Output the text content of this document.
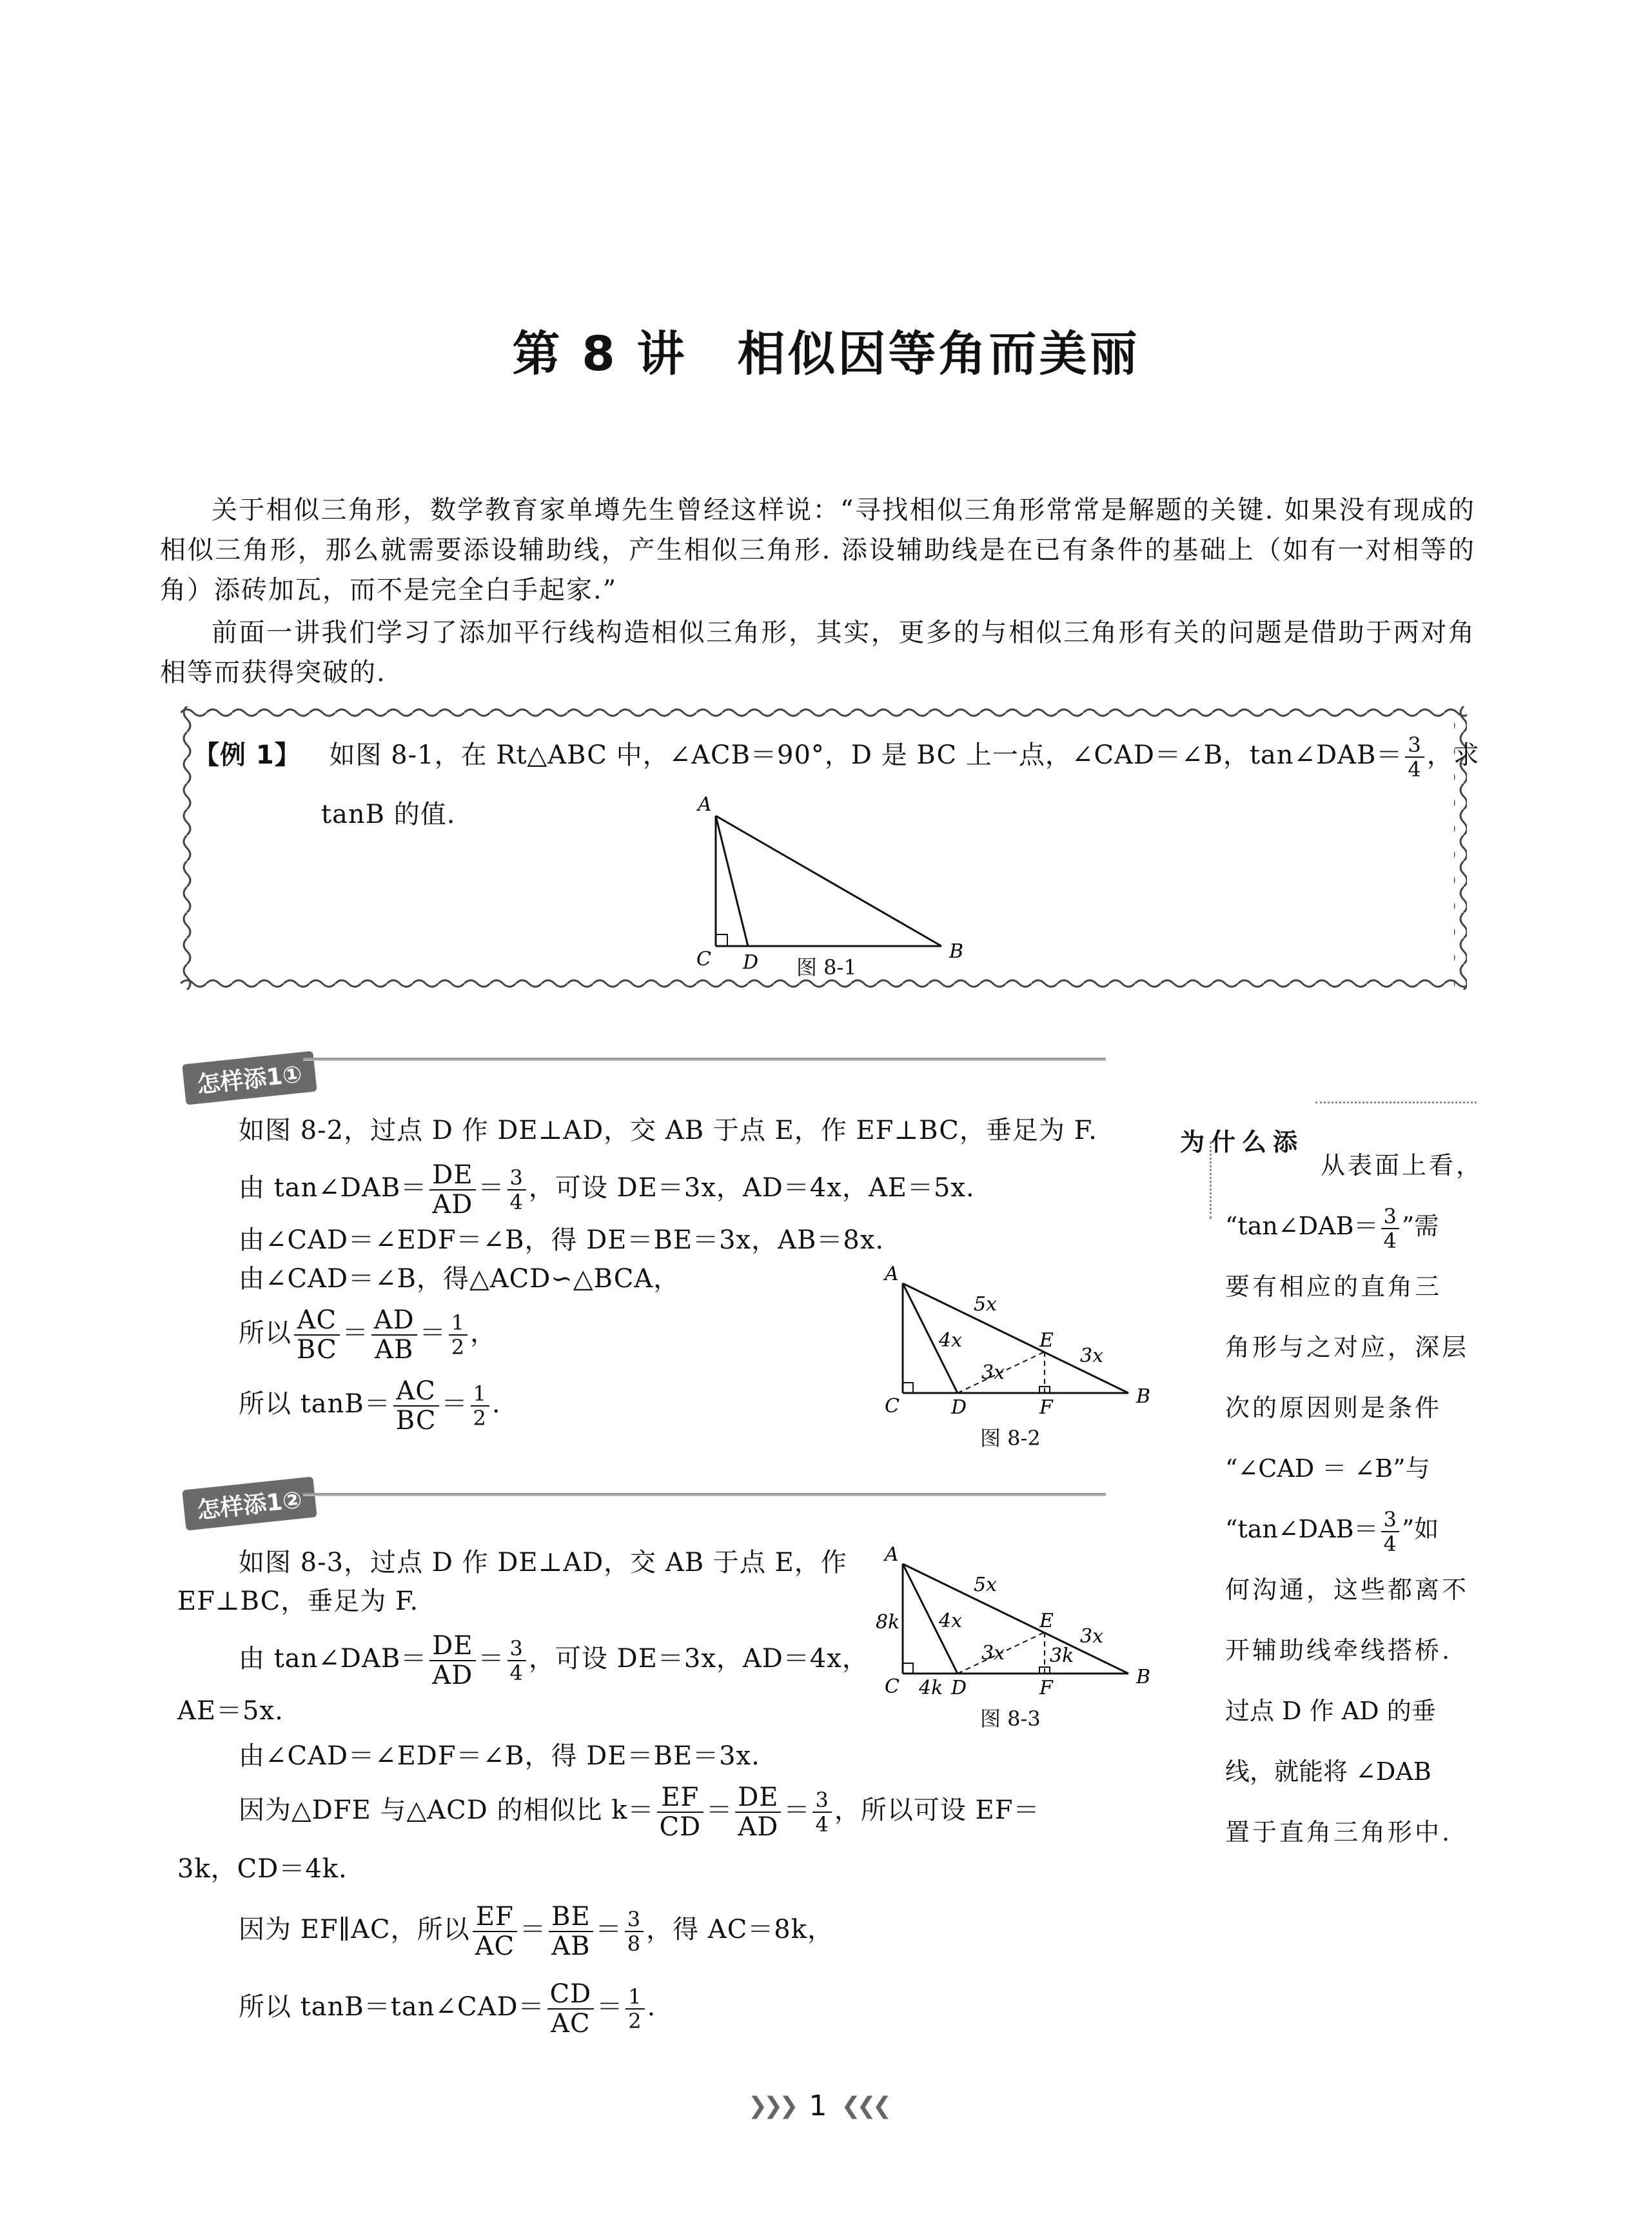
第 8 讲　相似因等角而美丽
关于相似三角形，数学教育家单墫先生曾经这样说：“寻找相似三角形常常是解题的关键. 如果没有现成的相似三角形，那么就需要添设辅助线，产生相似三角形. 添设辅助线是在已有条件的基础上（如有一对相等的角）添砖加瓦，而不是完全白手起家.”
前面一讲我们学习了添加平行线构造相似三角形，其实，更多的与相似三角形有关的问题是借助于两对角相等而获得突破的.
【例 1】 如图 8-1，在 Rt△ABC 中，∠ACB＝90°，D 是 BC 上一点，∠CAD＝∠B，tan∠DAB＝ $\frac{3}{4}$ ，求
tanB 的值.	A
C D	B
图 8-1
怎样添1①
为什么添
如图 8-2，过点 D 作 DE⊥AD，交 AB 于点 E，作 EF⊥BC，垂足为 F.
由 tan∠DAB＝ $\frac{DE}{AD} = \frac{3}{4}$ ，可设 DE＝3x，AD＝4x，AE＝5x.
由∠CAD＝∠EDF＝∠B，得 DE＝BE＝3x，AB＝8x.
由∠CAD＝∠B，得△ACD∽△BCA，
所以 $\frac{AC}{BC} = \frac{AD}{AB} = \frac{1}{2}$ ，
所以 $\tan B= \frac{AC}{BC} = \frac{1}{2}$ .
A
C	D	F	B
E
5x
4x
3x
3x
图 8-2
怎样添1②
如图 8-3，过点 D 作 DE⊥AD，交 AB 于点 E，作
EF⊥BC，垂足为 F.
由 tan∠DAB＝ $\frac{DE}{AD} = \frac{3}{4}$ ，可设 DE＝3x，AD＝4x，
AE＝5x.
由∠CAD＝∠EDF＝∠B，得 DE＝BE＝3x.
因为△DFE 与△ACD 的相似比 $k= \frac{EF}{CD} = \frac{DE}{AD} = \frac{3}{4}$ ，所以可设 EF＝
3k，CD＝4k.
因为 EF∥AC，所以 $\frac{EF}{AC} = \frac{BE}{AB} = \frac{3}{8}$ ，得 AC＝8k，
所以 tanB＝tan∠CAD＝ $\frac{CD}{AC} = \frac{1}{2}$ .
A
C	D	F	B
E
5x
4x
3x
3x
8k
4k
3k
图 8-3
从表面上看，
“tan∠DAB＝ $\frac{3}{4}$ ”需
要有相应的直角三
角形与之对应，深层
次的原因则是条件
“∠CAD ＝ ∠B”与
“tan∠DAB＝ $\frac{3}{4}$ ”如
何沟通，这些都离不
开辅助线牵线搭桥.
过点 D 作 AD 的垂
线，就能将 ∠DAB
置于直角三角形中.
❯❯❯ 1 ❮❮❮
